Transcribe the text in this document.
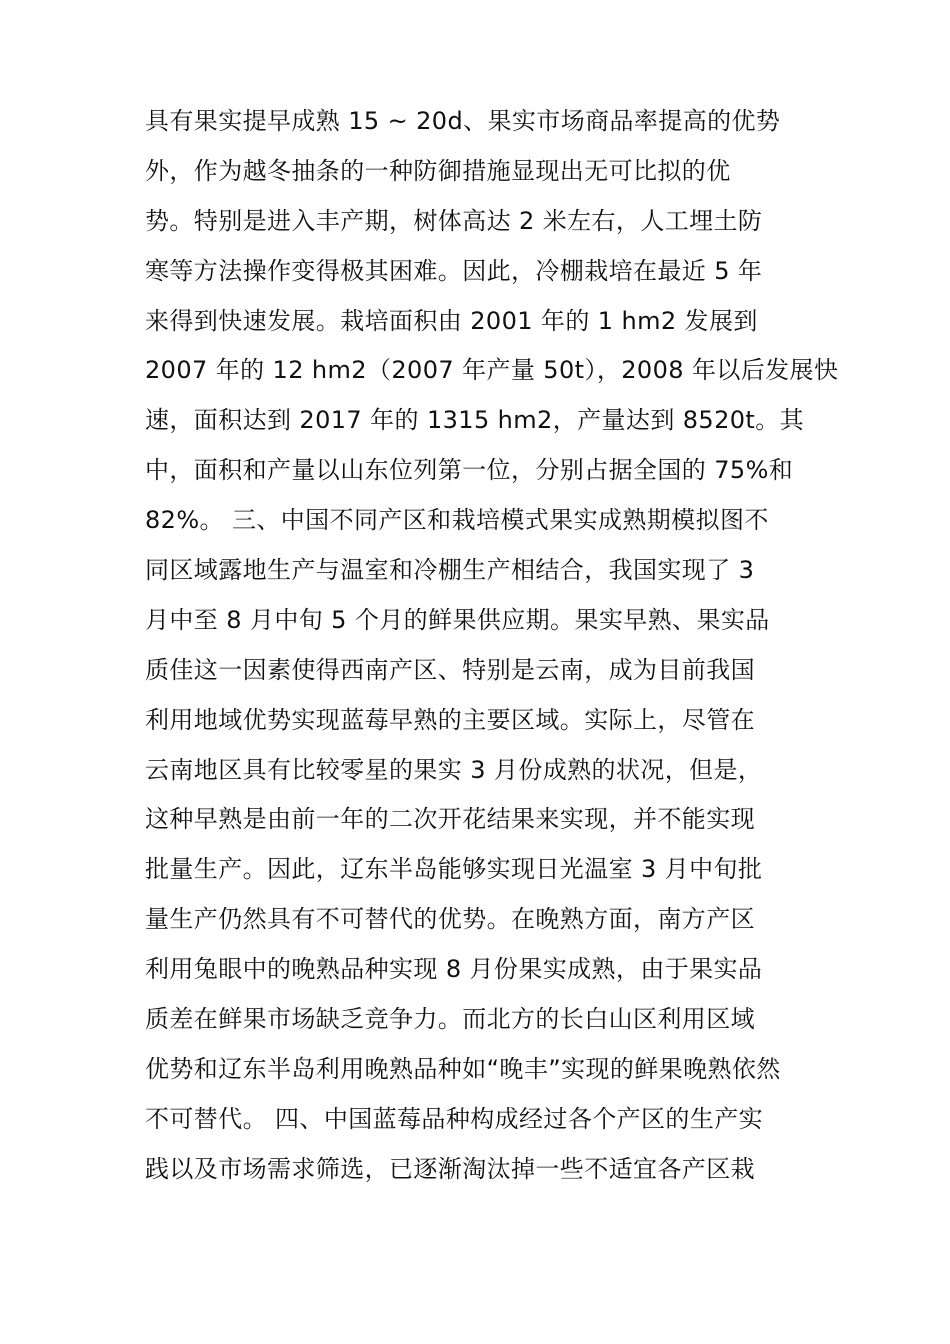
具有果实提早成熟 15 ~ 20d、果实市场商品率提高的优势
外，作为越冬抽条的一种防御措施显现出无可比拟的优
势。特别是进入丰产期，树体高达 2 米左右，人工埋土防
寒等方法操作变得极其困难。因此，冷棚栽培在最近 5 年
来得到快速发展。栽培面积由 2001 年的 1 hm2 发展到
2007 年的 12 hm2（2007 年产量 50t），2008 年以后发展快
速，面积达到 2017 年的 1315 hm2，产量达到 8520t。其
中，面积和产量以山东位列第一位，分别占据全国的 75%和
82%。 三、中国不同产区和栽培模式果实成熟期模拟图不
同区域露地生产与温室和冷棚生产相结合，我国实现了 3
月中至 8 月中旬 5 个月的鲜果供应期。果实早熟、果实品
质佳这一因素使得西南产区、特别是云南，成为目前我国
利用地域优势实现蓝莓早熟的主要区域。实际上，尽管在
云南地区具有比较零星的果实 3 月份成熟的状况，但是，
这种早熟是由前一年的二次开花结果来实现，并不能实现
批量生产。因此，辽东半岛能够实现日光温室 3 月中旬批
量生产仍然具有不可替代的优势。在晚熟方面，南方产区
利用兔眼中的晚熟品种实现 8 月份果实成熟，由于果实品
质差在鲜果市场缺乏竞争力。而北方的长白山区利用区域
优势和辽东半岛利用晚熟品种如“晚丰”实现的鲜果晚熟依然
不可替代。 四、中国蓝莓品种构成经过各个产区的生产实
践以及市场需求筛选，已逐渐淘汰掉一些不适宜各产区栽
